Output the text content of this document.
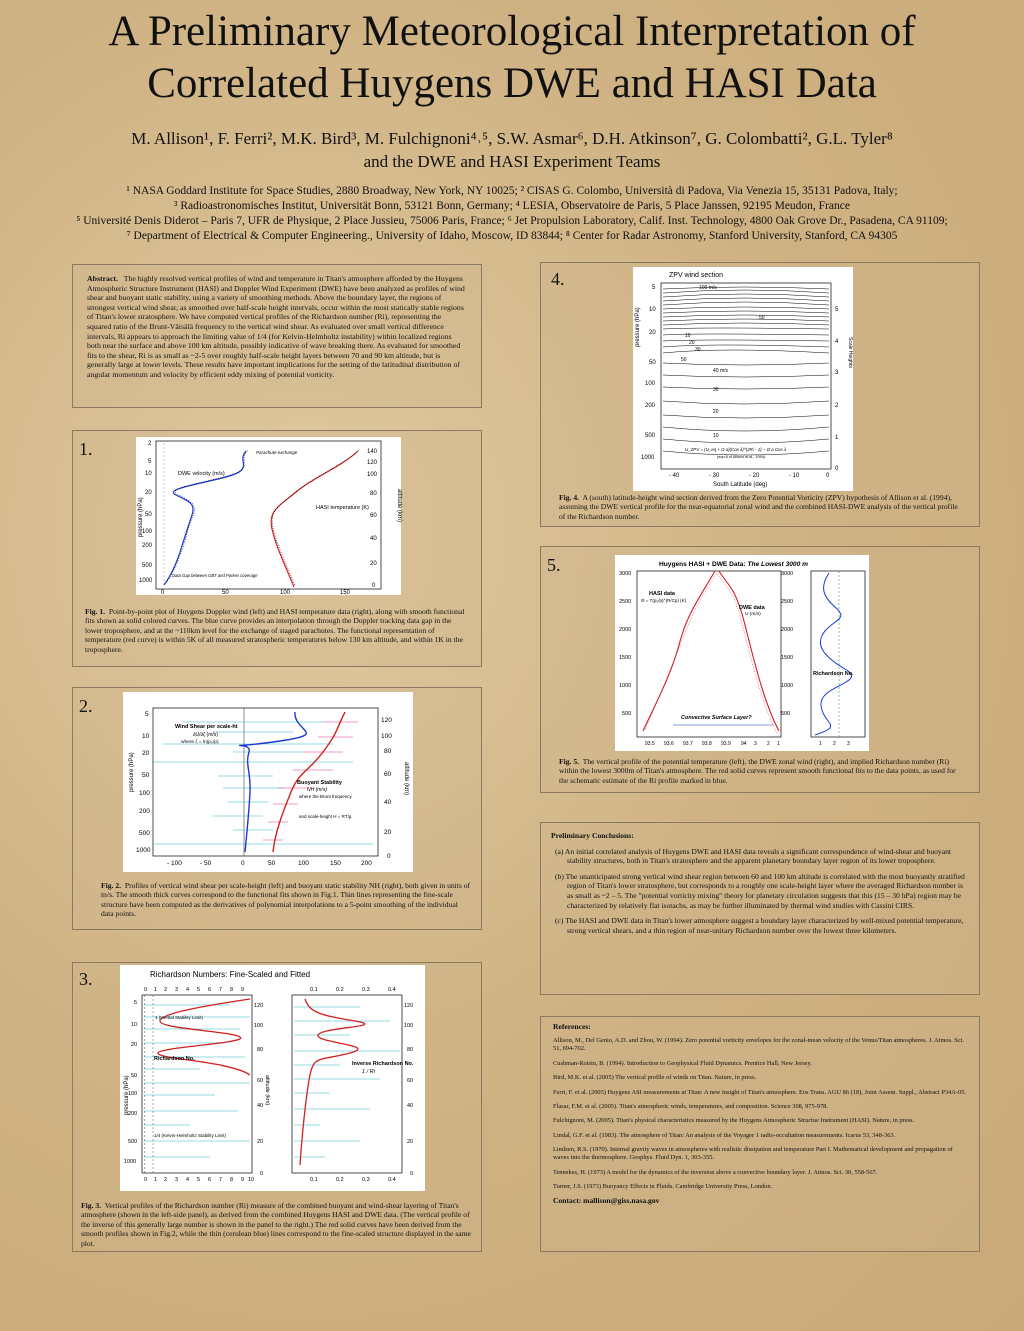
A Preliminary Meteorological Interpretation of
Correlated Huygens DWE and HASI Data
M. Allison¹, F. Ferri², M.K. Bird³, M. Fulchignoni⁴˒⁵, S.W. Asmar⁶, D.H. Atkinson⁷, G. Colombatti², G.L. Tyler⁸
and the DWE and HASI Experiment Teams
¹ NASA Goddard Institute for Space Studies, 2880 Broadway, New York, NY 10025; ² CISAS G. Colombo, Università di Padova, Via Venezia 15, 35131 Padova, Italy;
³ Radioastronomisches Institut, Universität Bonn, 53121 Bonn, Germany; ⁴ LESIA, Observatoire de Paris, 5 Place Janssen, 92195 Meudon, France
⁵ Université Denis Diderot – Paris 7, UFR de Physique, 2 Place Jussieu, 75006 Paris, France; ⁶ Jet Propulsion Laboratory, Calif. Inst. Technology, 4800 Oak Grove Dr., Pasadena, CA 91109;
⁷ Department of Electrical & Computer Engineering., University of Idaho, Moscow, ID 83844; ⁸ Center for Radar Astronomy, Stanford University, Stanford, CA 94305
Abstract. The highly resolved vertical profiles of wind and temperature in Titan's atmosphere afforded by the Huygens Atmospheric Structure Instrument (HASI) and Doppler Wind Experiment (DWE) have been analyzed as profiles of wind shear and buoyant static stability, using a variety of smoothing methods. Above the boundary layer, the regions of strongest vertical wind shear, as smoothed over half-scale height intervals, occur within the most statically stable regions of Titan's lower stratosphere. We have computed vertical profiles of the Richardson number (Ri), representing the squared ratio of the Brunt-Väisälä frequency to the vertical wind shear. As evaluated over small vertical difference intervals, Ri appears to approach the limiting value of 1/4 (for Kelvin-Helmholtz instability) within localized regions both near the surface and above 100 km altitude, possibly indicative of wave breaking there. As evaluated for smoothed fits to the shear, Ri is as small as ~2-5 over roughly half-scale height layers between 70 and 90 km altitude, but is generally large at lower levels. These results have important implications for the setting of the latitudinal distribution of angular momentum and velocity by efficient eddy mixing of potential vorticity.
1.
pressure (hPa)	altitude (km)
2
5
10
20
50
100
200
500
1000
140
120
100
80
60
40
20
0
0	50	100	150
DWE velocity (m/s)
HASI temperature (K)
Parachute exchange
Data Gap between GBT and Parkes coverage
Fig. 1. Point-by-point plot of Huygens Doppler wind (left) and HASI temperature data (right), along with smooth functional fits shown as solid colored curves. The blue curve provides an interpolation through the Doppler tracking data gap in the lower troposphere, and at the ~110km level for the exchange of staged parachutes. The functional representation of temperature (red curve) is within 5K of all measured stratospheric temperatures below 130 km altitude, and within 1K in the troposphere.
2.
pressure (hPa)	altitude (km)
5
10
20
50
100
200
500
1000
120
100
80
60
40
20
0
- 100	- 50	0	50	100	150	200
Wind Shear per scale-ht
∂U/∂ζ (m/s)
where ζ = ln(p₀/p)
Buoyant Stability
NH (m/s)
where the Brunt frequency
and scale-height H = RT/g
Fig. 2. Profiles of vertical wind shear per scale-height (left) and buoyant static stability NH (right), both given in units of m/s. The smooth thick curves correspond to the functional fits shown in Fig.1. Thin lines representing the fine-scale structure have been computed as the derivatives of polynomial interpolations to a 5-point smoothing of the individual data points.
3.	Richardson Numbers: Fine-Scaled and Fitted
pressure (hPa)	altitude (km)
0 1 2 3 4 5 6 7 8 9
0 1 2 3 4 5 6 7 8 9 10
0.1	0.2	0.3	0.4
0.1	0.2	0.3	0.4
5
10
20
50
100
200
500
1000
120
100
80
60
40
20
0
120
100
80
60
40
20
0
1 (Inertial Stability Limit)
Richardson No.
1/4 (Kelvin-Helmholtz Stability Limit)
Inverse Richardson No.
1 / Ri
Fig. 3. Vertical profiles of the Richardson number (Ri) measure of the combined buoyant and wind-shear layering of Titan's atmosphere (shown in the left-side panel), as derived from the combined Huygens HASI and DWE data. (The vertical profile of the inverse of this generally large number is shown in the panel to the right.) The red solid curves have been derived from the smooth profiles shown in Fig.2, while the thin (cerulean blue) lines correspond to the fine-scaled structure displayed in the same plot.
4.	ZPV wind section
pressure (hPa)
Scale Heights
5
10
20
50
100
200
500
1000
5
4
3
2
1
0
- 40	- 30	- 20	- 10	0
South Latitude (deg)
100 m/s
50
10
20
30
50
40 m/s
30
20
10
U_ZPV = (U_eq + Ω a)(Cos λ)^(2Ri - 1) − Ω a Cos λ
(eqn.8 of Allison et al., 1994)
Fig. 4. A (south) latitude-height wind section derived from the Zero Potential Vorticity (ZPV) hypothesis of Allison et al. (1994), assuming the DWE vertical profile for the near-equatorial zonal wind and the combined HASI-DWE analysis of the vertical profile of the Richardson number.
5.	Huygens HASI + DWE Data: The Lowest 3000 m
3000
2500
2000
1500
1000
500
3000
2500
2000
1500
1000
500
93.5 93.6 93.7 93.8 93.9 94 3 2 1	1 2 3
HASI data
Θ = T(p₀/p)^(R/Cp) (K)
DWE data
U (m/s)
Richardson No.
Convective Surface Layer?
Fig. 5. The vertical profile of the potential temperature (left), the DWE zonal wind (right), and implied Richardson number (Ri) within the lowest 3000m of Titan's atmosphere. The red solid curves represent smooth functional fits to the data points, as used for the schematic estimate of the Ri profile marked in blue.

Preliminary Conclusions:

(a) An initial correlated analysis of Huygens DWE and HASI data reveals a significant correspondence of wind-shear and buoyant stability structures, both in Titan's stratosphere and the apparent planetary boundary layer region of its lower troposphere.

(b) The unanticipated strong vertical wind shear region between 60 and 100 km altitude is correlated with the most buoyantly stratified region of Titan's lower stratosphere, but corresponds to a roughly one scale-height layer where the averaged Richardson number is as small as ~2 – 5. The "potential vorticity mixing" theory for planetary circulation suggests that this (15 – 30 hPa) region may be characterized by relatively flat isotachs, as may be further illuminated by thermal wind studies with Cassini CIRS.

(c) The HASI and DWE data in Titan's lower atmosphere suggest a boundary layer characterized by well-mixed potential temperature, strong vertical shears, and a thin region of near-unitary Richardson number over the lowest three kilometers.

References:

Allison, M., Del Genio, A.D. and Zhou, W. (1994). Zero potential vorticity envelopes for the zonal-mean velocity of the Venus/Titan atmospheres. J. Atmos. Sci. 51, 694-702.

Cushman-Roisin, B. (1994). Introduction to Geophysical Fluid Dynamics. Prentice Hall, New Jersey.

Bird, M.K. et al. (2005) The vertical profile of winds on Titan. Nature, in press.

Ferri, F. et al. (2005) Huygens ASI measurements at Titan: A new insight of Titan's atmosphere. Eos Trans. AGU 86 (18), Joint Assem. Suppl., Abstract P34A-05.

Flasar, F.M. et al. (2005). Titan's atmospheric winds, temperatures, and composition. Science 308, 975-978.

Fulchignoni, M. (2005). Titan's physical charactertstics measured by the Huygens Atmospheric Structue Instrument (HASI). Nature, in press.

Lindal, G.F. et al. (1983). The atmosphere of Titan: An analysis of the Voyager 1 radio-occultation measurements. Icarus 53, 348-363.

Lindzen, R.S. (1970). Internal gravity waves in atmospheres with realistic dissipation and temperature Part I. Mathematical development and propagation of waves into the thermosphere. Geophys. Fluid Dyn. 1, 303-355.

Tennekes, H. (1973) A model for the dynamics of the inversion above a convective boundary layer. J. Atmos. Sci. 30, 558-567.

Turner, J.S. (1973) Buoyancy Effects in Fluids. Cambridge University Press, London.

Contact: mallison@giss.nasa.gov
